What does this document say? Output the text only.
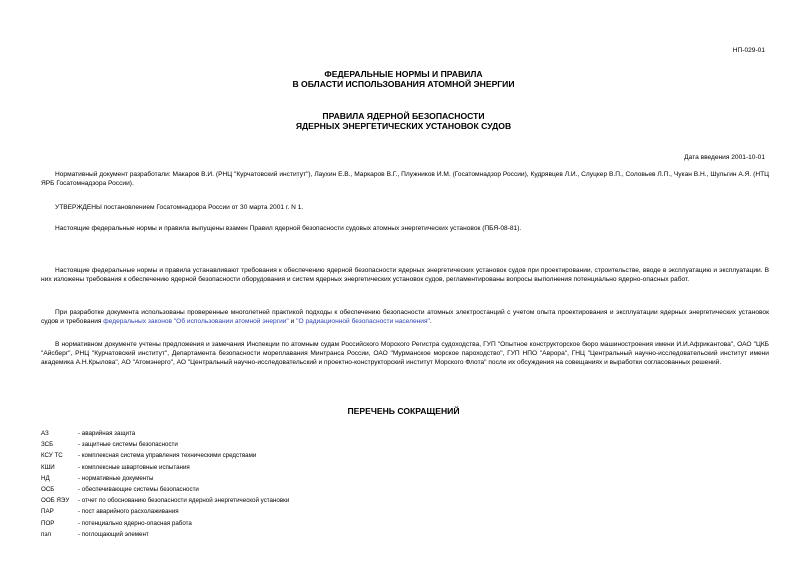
НП-029-01
ФЕДЕРАЛЬНЫЕ НОРМЫ И ПРАВИЛА
В ОБЛАСТИ ИСПОЛЬЗОВАНИЯ АТОМНОЙ ЭНЕРГИИ
ПРАВИЛА ЯДЕРНОЙ БЕЗОПАСНОСТИ
ЯДЕРНЫХ ЭНЕРГЕТИЧЕСКИХ УСТАНОВОК СУДОВ
Дата введения 2001-10-01
Нормативный документ разработали: Макаров В.И. (РНЦ "Курчатовский институт"), Лаухин Е.В., Маркаров В.Г., Плужников И.М. (Госатомнадзор России), Кудрявцев Л.И., Слуцкер В.П., Соловьев Л.П., Чукан В.Н., Шульгин А.Я. (НТЦ ЯРБ Госатомнадзора России).
УТВЕРЖДЕНЫ постановлением Госатомнадзора России от 30 марта 2001 г. N 1.
Настоящие федеральные нормы и правила выпущены взамен Правил ядерной безопасности судовых атомных энергетических установок (ПБЯ-08-81).
Настоящие федеральные нормы и правила устанавливают требования к обеспечению ядерной безопасности ядерных энергетических установок судов при проектировании, строительстве, вводе в эксплуатацию и эксплуатации. В них изложены требования к обеспечению ядерной безопасности оборудования и систем ядерных энергетических установок судов, регламентированы вопросы выполнения потенциально ядерно-опасных работ.
При разработке документа использованы проверенные многолетней практикой подходы к обеспечению безопасности атомных электростанций с учетом опыта проектирования и эксплуатации ядерных энергетических установок судов и требования федеральных законов "Об использовании атомной энергии" и "О радиационной безопасности населения".
В нормативном документе учтены предложения и замечания Инспекции по атомным судам Российского Морского Регистра судоходства, ГУП "Опытное конструкторское бюро машиностроения имени И.И.Африкантова", ОАО "ЦКБ "Айсберг", РНЦ "Курчатовский институт", Департамента безопасности мореплавания Минтранса России, ОАО "Мурманское морское пароходство", ГУП НПО "Аврора", ГНЦ "Центральный научно-исследовательский институт имени академика А.Н.Крылова", АО "Атомэнерго", АО "Центральный научно-исследовательский и проектно-конструкторский институт Морского Флота" после их обсуждения на совещаниях и выработки согласованных решений.
ПЕРЕЧЕНЬ СОКРАЩЕНИЙ
АЗ	- аварийная защита
ЗСБ	- защитные системы безопасности
КСУ ТС - комплексная система управления техническими средствами
КШИ	- комплексные швартовные испытания
НД	- нормативные документы
ОСБ	- обеспечивающие системы безопасности
ООБ ЯЭУ - отчет по обоснованию безопасности ядерной энергетической установки
ПАР	- пост аварийного расхолаживания
ПОР	- потенциально ядерно-опасная работа
пэл	- поглощающий элемент
